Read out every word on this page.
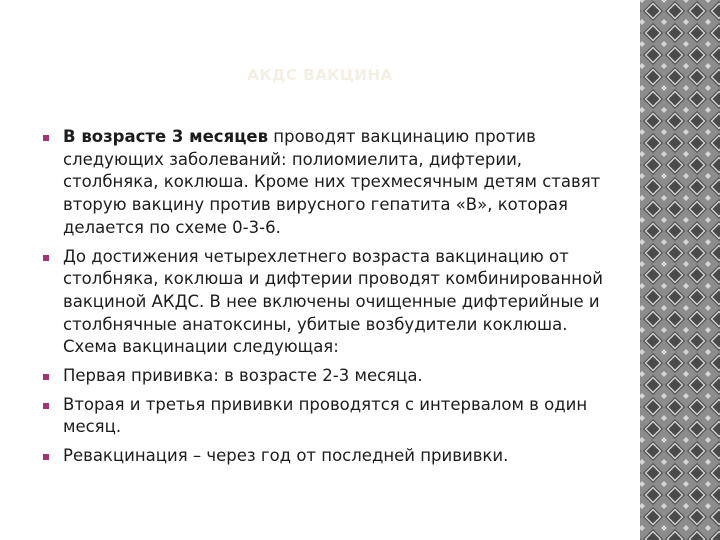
АКДС ВАКЦИНА
В возрасте 3 месяцев проводят вакцинацию против следующих заболеваний: полиомиелита, дифтерии, столбняка, коклюша. Кроме них трехмесячным детям ставят вторую вакцину против вирусного гепатита «В», которая делается по схеме 0-3-6.
До достижения четырехлетнего возраста вакцинацию от столбняка, коклюша и дифтерии проводят комбинированной вакциной АКДС. В нее включены очищенные дифтерийные и столбнячные анатоксины, убитые возбудители коклюша. Схема вакцинации следующая:
Первая прививка: в возрасте 2-3 месяца.
Вторая и третья прививки проводятся с интервалом в один месяц.
Ревакцинация – через год от последней прививки.
